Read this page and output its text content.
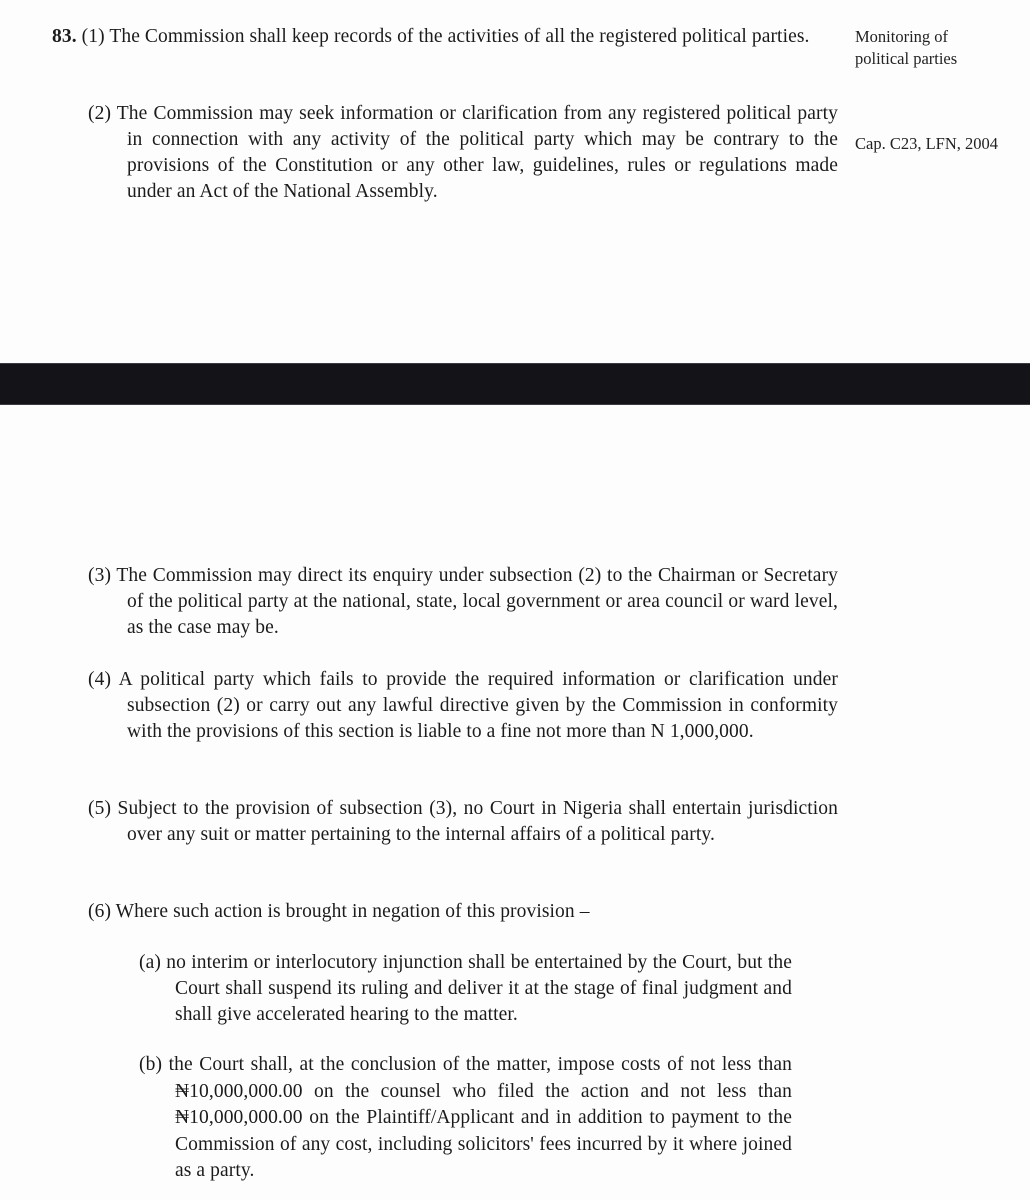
83. (1) The Commission shall keep records of the activities of all the registered political parties.
(2) The Commission may seek information or clarification from any registered political party in connection with any activity of the political party which may be contrary to the provisions of the Constitution or any other law, guidelines, rules or regulations made under an Act of the National Assembly.
Monitoring of political parties
Cap. C23, LFN, 2004
(3) The Commission may direct its enquiry under subsection (2) to the Chairman or Secretary of the political party at the national, state, local government or area council or ward level, as the case may be.
(4) A political party which fails to provide the required information or clarification under subsection (2) or carry out any lawful directive given by the Commission in conformity with the provisions of this section is liable to a fine not more than N 1,000,000.
(5) Subject to the provision of subsection (3), no Court in Nigeria shall entertain jurisdiction over any suit or matter pertaining to the internal affairs of a political party.
(6) Where such action is brought in negation of this provision –
(a) no interim or interlocutory injunction shall be entertained by the Court, but the Court shall suspend its ruling and deliver it at the stage of final judgment and shall give accelerated hearing to the matter.
(b) the Court shall, at the conclusion of the matter, impose costs of not less than ₦10,000,000.00 on the counsel who filed the action and not less than ₦10,000,000.00 on the Plaintiff/Applicant and in addition to payment to the Commission of any cost, including solicitors' fees incurred by it where joined as a party.
